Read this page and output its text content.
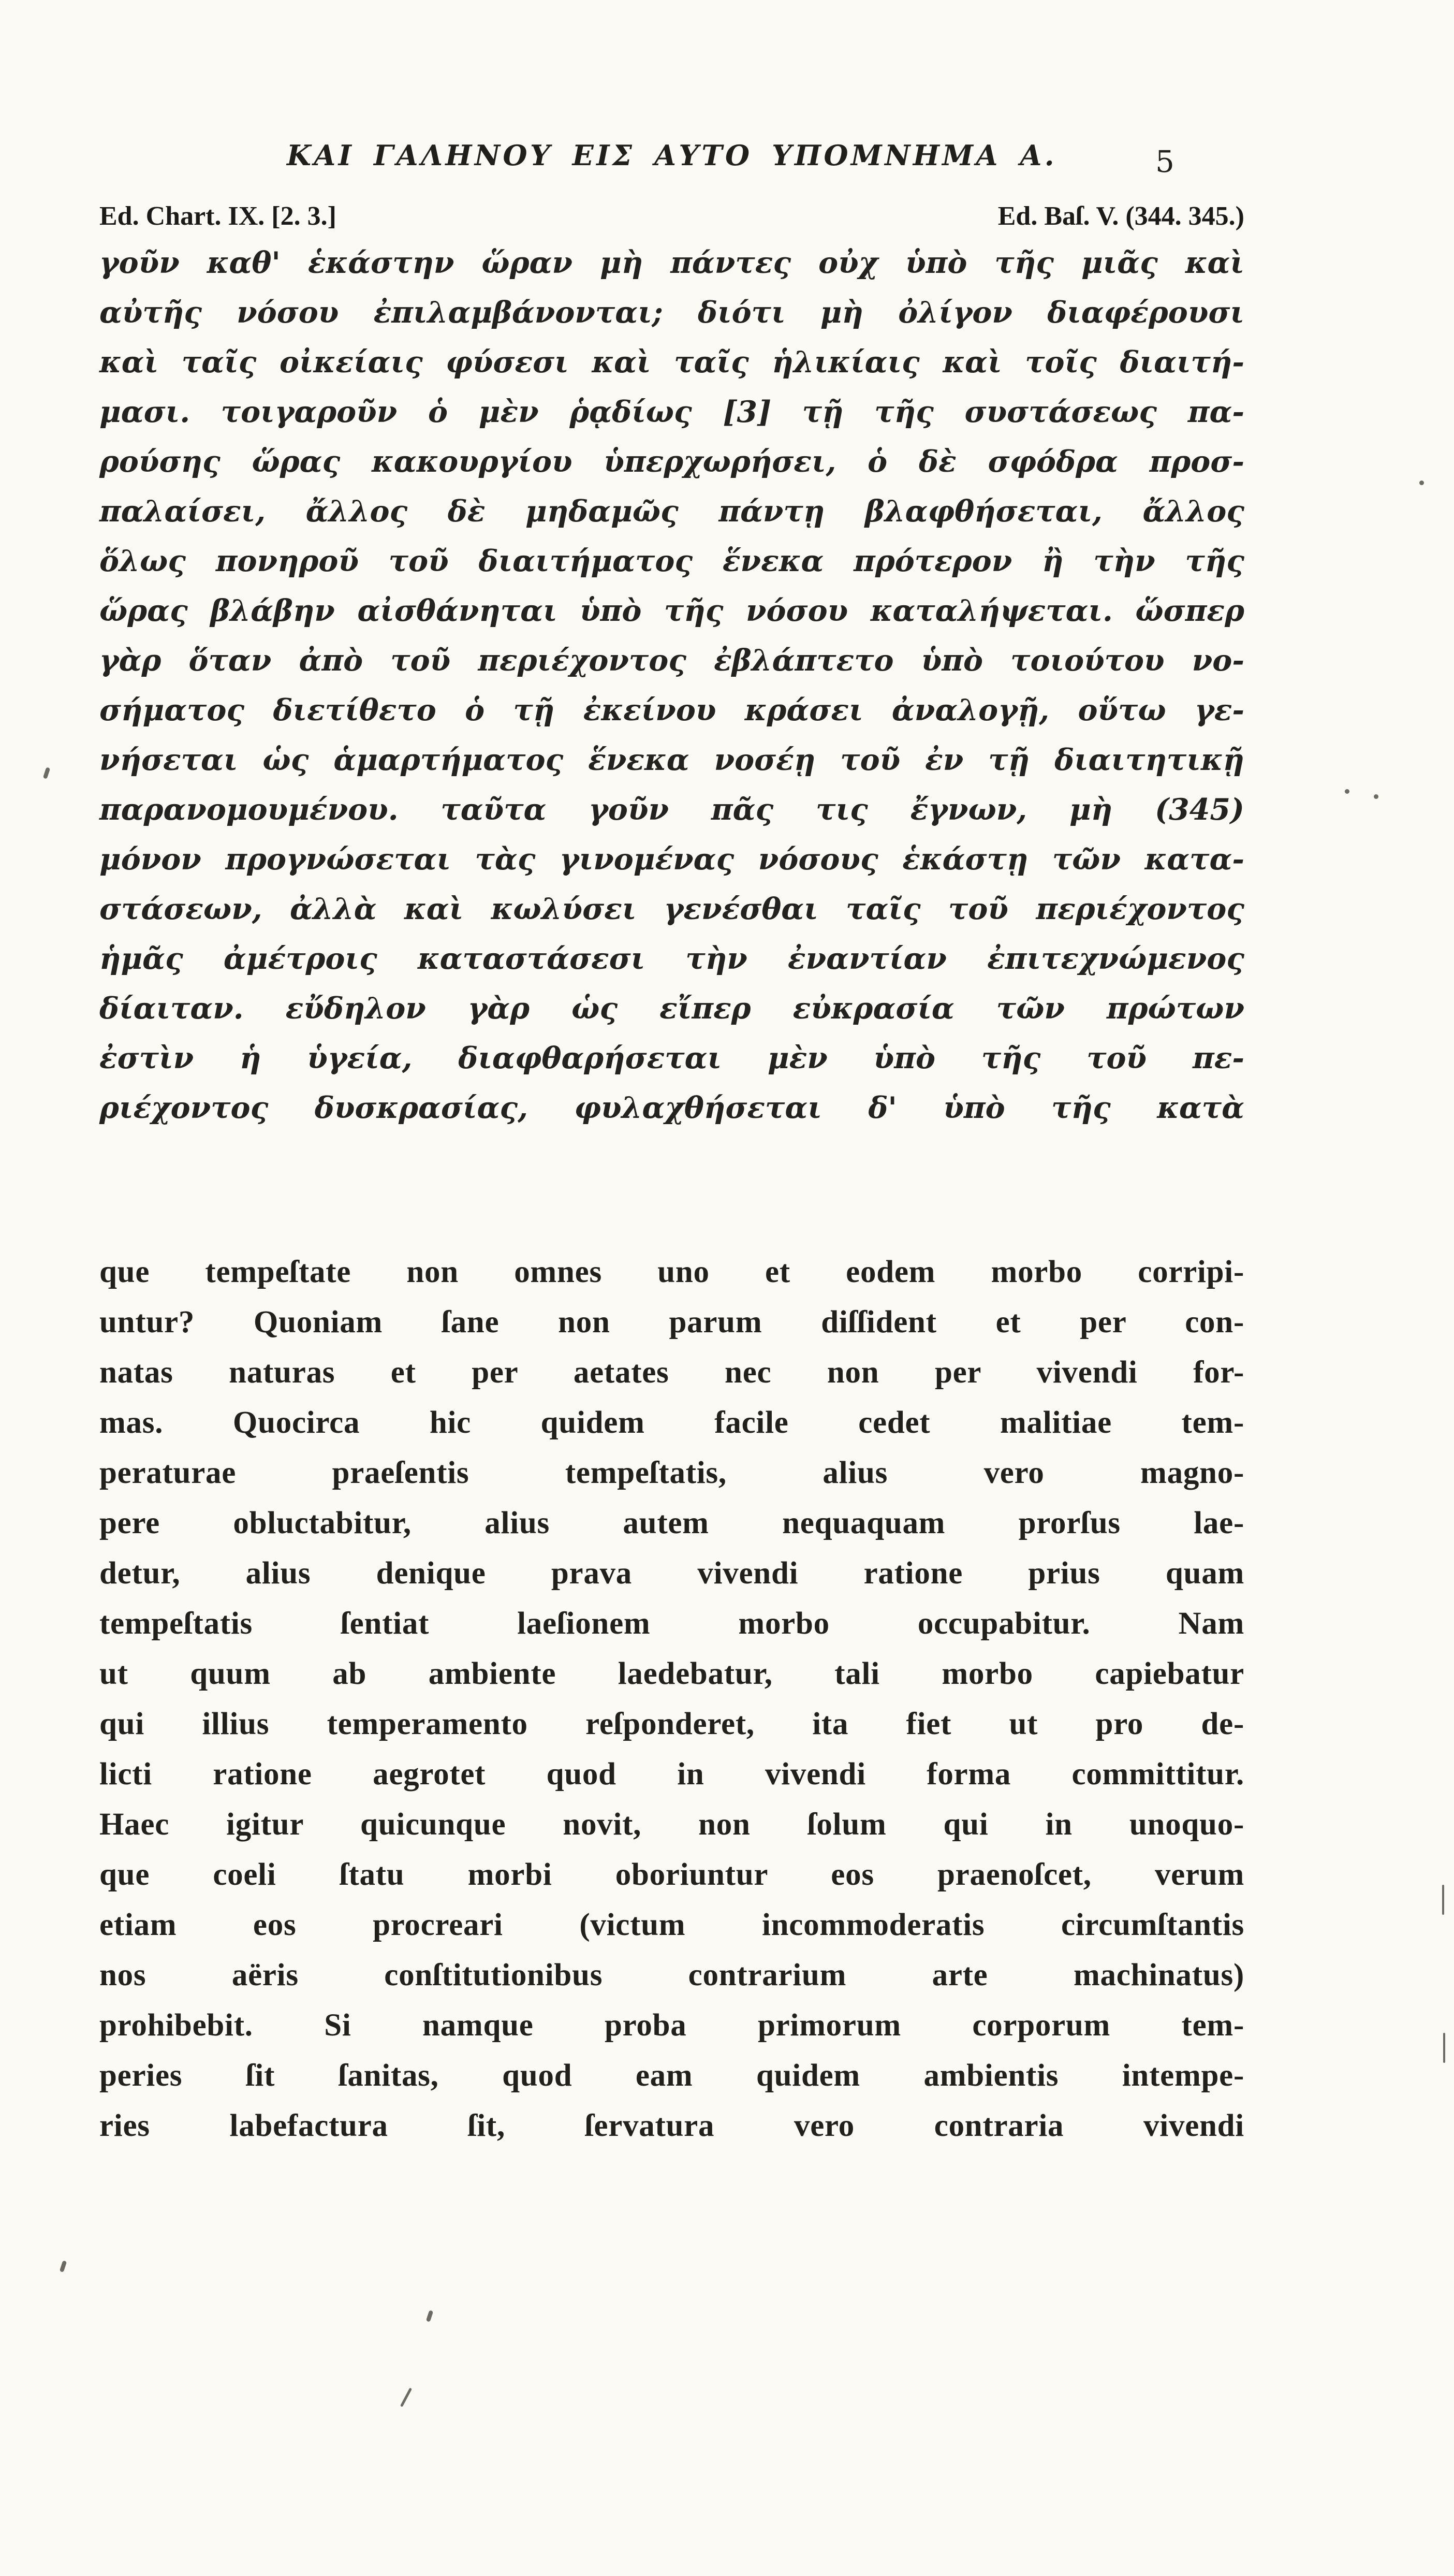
ΚΑΙ ΓΑΛΗΝΟΥ ΕΙΣ ΑΥΤΟ ΥΠΟΜΝΗΜΑ Α.	5
Ed. Chart. IX. [2. 3.]	Ed. Baſ. V. (344. 345.)
γοῦν καθ' ἑκάστην ὥραν μὴ πάντες οὐχ ὑπὸ τῆς μιᾶς καὶ
αὐτῆς νόσου ἐπιλαμβάνονται; διότι μὴ ὀλίγον διαφέρουσι
καὶ ταῖς οἰκείαις φύσεσι καὶ ταῖς ἡλικίαις καὶ τοῖς διαιτή-
μασι. τοιγαροῦν ὁ μὲν ῥᾳδίως [3] τῇ τῆς συστάσεως πα-
ρούσης ὥρας κακουργίου ὑπερχωρήσει, ὁ δὲ σφόδρα προσ-
παλαίσει, ἄλλος δὲ μηδαμῶς πάντῃ βλαφθήσεται, ἄλλος
ὅλως πονηροῦ τοῦ διαιτήματος ἕνεκα πρότερον ἢ τὴν τῆς
ὥρας βλάβην αἰσθάνηται ὑπὸ τῆς νόσου καταλήψεται. ὥσπερ
γὰρ ὅταν ἀπὸ τοῦ περιέχοντος ἐβλάπτετο ὑπὸ τοιούτου νο-
σήματος διετίθετο ὁ τῇ ἐκείνου κράσει ἀναλογῇ, οὕτω γε-
νήσεται ὡς ἁμαρτήματος ἕνεκα νοσέῃ τοῦ ἐν τῇ διαιτητικῇ
παρανομουμένου. ταῦτα γοῦν πᾶς τις ἔγνων, μὴ (345)
μόνον προγνώσεται τὰς γινομένας νόσους ἑκάστῃ τῶν κατα-
στάσεων, ἀλλὰ καὶ κωλύσει γενέσθαι ταῖς τοῦ περιέχοντος
ἡμᾶς ἀμέτροις καταστάσεσι τὴν ἐναντίαν ἐπιτεχνώμενος
δίαιταν. εὔδηλον γὰρ ὡς εἴπερ εὐκρασία τῶν πρώτων
ἐστὶν ἡ ὑγεία, διαφθαρήσεται μὲν ὑπὸ τῆς τοῦ πε-
ριέχοντος δυσκρασίας, φυλαχθήσεται δ' ὑπὸ τῆς κατὰ
que tempeſtate non omnes uno et eodem morbo corripi-
untur? Quoniam ſane non parum diſſident et per con-
natas naturas et per aetates nec non per vivendi for-
mas. Quocirca hic quidem facile cedet malitiae tem-
peraturae praeſentis tempeſtatis, alius vero magno-
pere obluctabitur, alius autem nequaquam prorſus lae-
detur, alius denique prava vivendi ratione prius quam
tempeſtatis ſentiat laeſionem morbo occupabitur. Nam
ut quum ab ambiente laedebatur, tali morbo capiebatur
qui illius temperamento reſponderet, ita fiet ut pro de-
licti ratione aegrotet quod in vivendi forma committitur.
Haec igitur quicunque novit, non ſolum qui in unoquo-
que coeli ſtatu morbi oboriuntur eos praenoſcet, verum
etiam eos procreari (victum incommoderatis circumſtantis
nos aëris conſtitutionibus contrarium arte machinatus)
prohibebit. Si namque proba primorum corporum tem-
peries ſit ſanitas, quod eam quidem ambientis intempe-
ries labefactura ſit, ſervatura vero contraria vivendi
